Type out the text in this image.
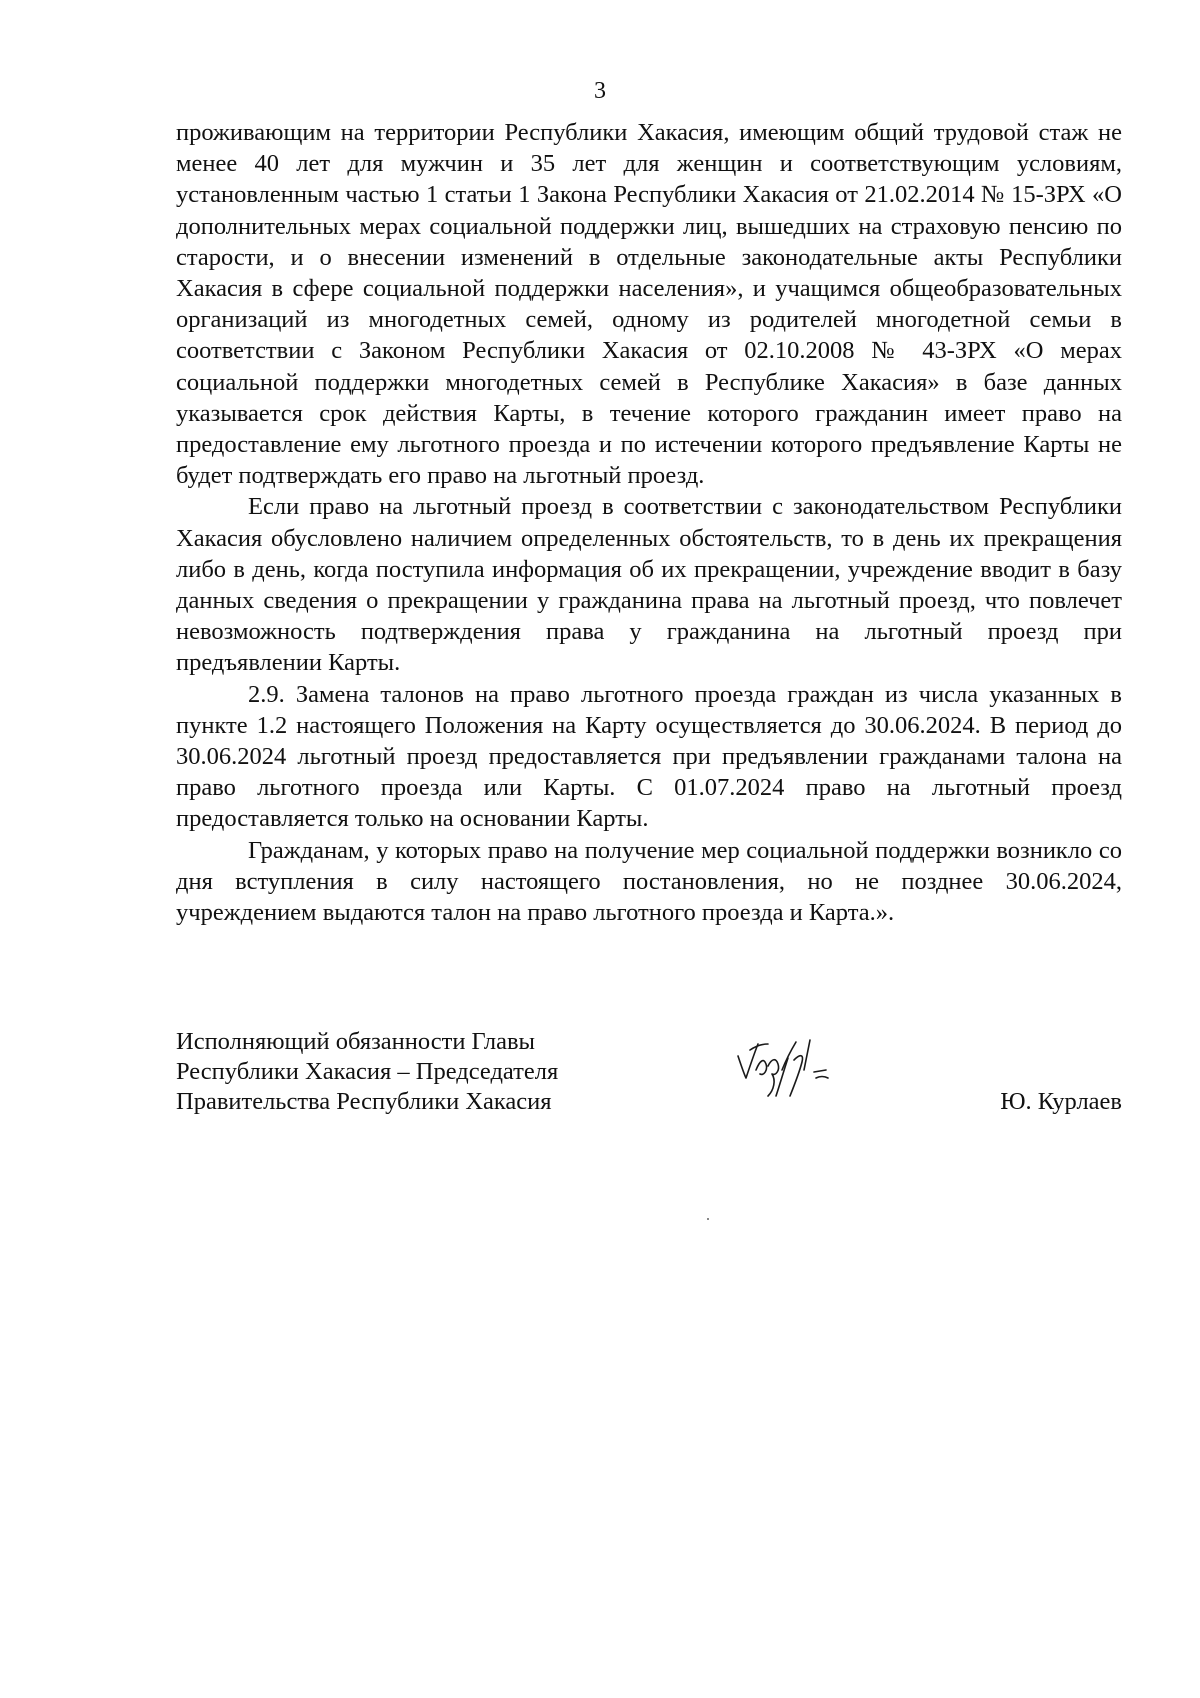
3

проживающим на территории Республики Хакасия, имеющим общий трудовой стаж не менее 40 лет для мужчин и 35 лет для женщин и соответствующим условиям, установленным частью 1 статьи 1 Закона Республики Хакасия от 21.02.2014 № 15-ЗРХ «О дополнительных мерах социальной поддержки лиц, вышедших на страховую пенсию по старости, и о внесении изменений в отдельные законодательные акты Республики Хакасия в сфере социальной поддержки населения», и учащимся общеобразовательных организаций из многодетных семей, одному из родителей многодетной семьи в соответствии с Законом Республики Хакасия от 02.10.2008 № 43-ЗРХ «О мерах социальной поддержки многодетных семей в Республике Хакасия» в базе данных указывается срок действия Карты, в течение которого гражданин имеет право на предоставление ему льготного проезда и по истечении которого предъявление Карты не будет подтверждать его право на льготный проезд.

Если право на льготный проезд в соответствии с законодательством Республики Хакасия обусловлено наличием определенных обстоятельств, то в день их прекращения либо в день, когда поступила информация об их прекращении, учреждение вводит в базу данных сведения о прекращении у гражданина права на льготный проезд, что повлечет невозможность подтверждения права у гражданина на льготный проезд при предъявлении Карты.

2.9. Замена талонов на право льготного проезда граждан из числа указанных в пункте 1.2 настоящего Положения на Карту осуществляется до 30.06.2024. В период до 30.06.2024 льготный проезд предоставляется при предъявлении гражданами талона на право льготного проезда или Карты. С 01.07.2024 право на льготный проезд предоставляется только на основании Карты.

Гражданам, у которых право на получение мер социальной поддержки возникло со дня вступления в силу настоящего постановления, но не позднее 30.06.2024, учреждением выдаются талон на право льготного проезда и Карта.».

Исполняющий обязанности Главы
Республики Хакасия – Председателя
Правительства Республики Хакасия	Ю. Курлаев
